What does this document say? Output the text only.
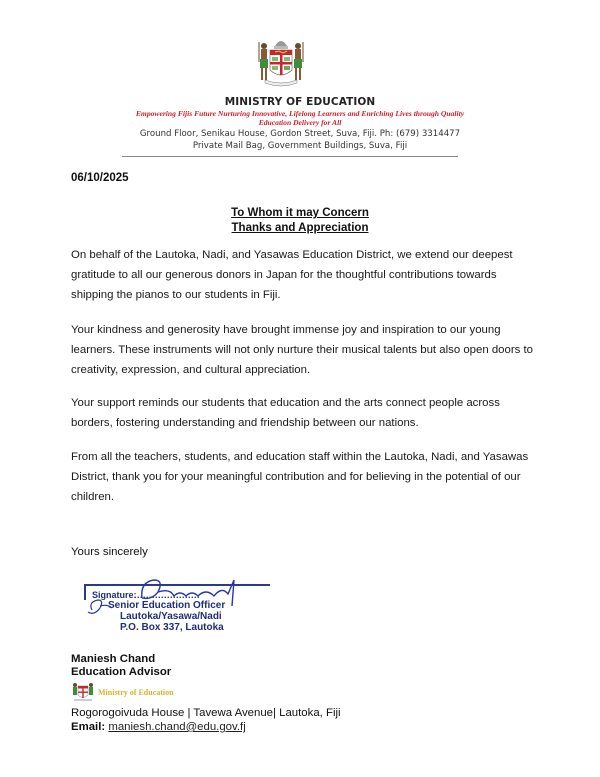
MINISTRY OF EDUCATION
Empowering Fijis Future Nurturing Innovative, Lifelong Learners and Enriching Lives through Quality
Education Delivery for All
Ground Floor, Senikau House, Gordon Street, Suva, Fiji. Ph: (679) 3314477
Private Mail Bag, Government Buildings, Suva, Fiji
06/10/2025
To Whom it may Concern
Thanks and Appreciation
On behalf of the Lautoka, Nadi, and Yasawas Education District, we extend our deepest gratitude to all our generous donors in Japan for the thoughtful contributions towards shipping the pianos to our students in Fiji.
Your kindness and generosity have brought immense joy and inspiration to our young learners. These instruments will not only nurture their musical talents but also open doors to creativity, expression, and cultural appreciation.
Your support reminds our students that education and the arts connect people across borders, fostering understanding and friendship between our nations.
From all the teachers, students, and education staff within the Lautoka, Nadi, and Yasawas District, thank you for your meaningful contribution and for believing in the potential of our children.
Yours sincerely
Signature:
......................
Senior Education Officer
Lautoka/Yasawa/Nadi
P.O. Box 337, Lautoka
Maniesh Chand
Education Advisor
Ministry of Education
Rogorogoivuda House | Tavewa Avenue| Lautoka, Fiji
Email: maniesh.chand@edu.gov.fj
